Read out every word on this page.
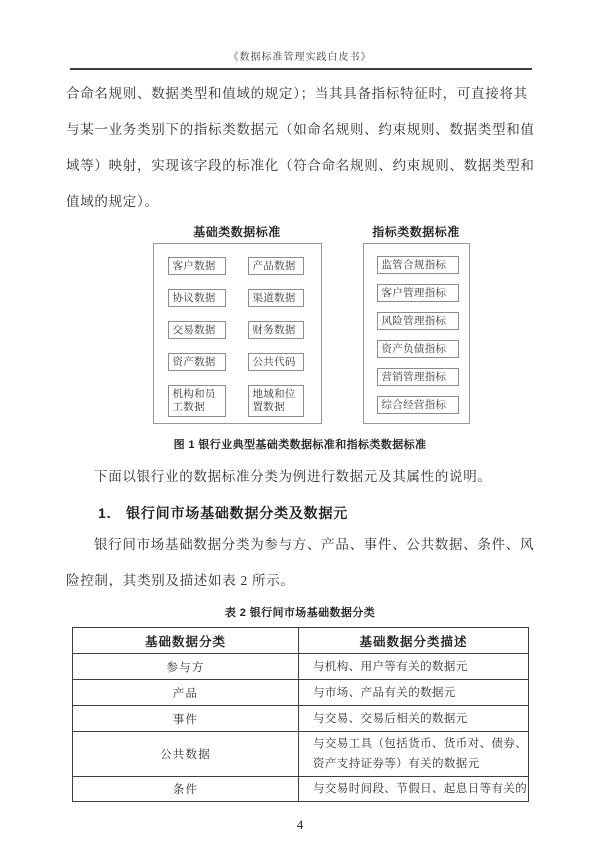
《数据标准管理实践白皮书》
合命名规则、数据类型和值域的规定）；当其具备指标特征时，可直接将其
与某一业务类别下的指标类数据元（如命名规则、约束规则、数据类型和值
域等）映射，实现该字段的标准化（符合命名规则、约束规则、数据类型和
值域的规定）。
基础类数据标准
客户数据	产品数据
协议数据	渠道数据
交易数据	财务数据
资产数据	公共代码
机构和员工数据
地域和位置数据
指标类数据标准
监管合规指标
客户管理指标
风险管理指标
资产负债指标
营销管理指标
综合经营指标
图 1 银行业典型基础类数据标准和指标类数据标准
下面以银行业的数据标准分类为例进行数据元及其属性的说明。
1.　银行间市场基础数据分类及数据元
银行间市场基础数据分类为参与方、产品、事件、公共数据、条件、风
险控制，其类别及描述如表 2 所示。
表 2 银行间市场基础数据分类
基础数据分类	基础数据分类描述
参与方	与机构、用户等有关的数据元

产品	与市场、产品有关的数据元

事件	与交易、交易后相关的数据元

公共数据	与交易工具（包括货币、货币对、债券、
资产支持证券等）有关的数据元

条件	与交易时间段、节假日、起息日等有关的
4
